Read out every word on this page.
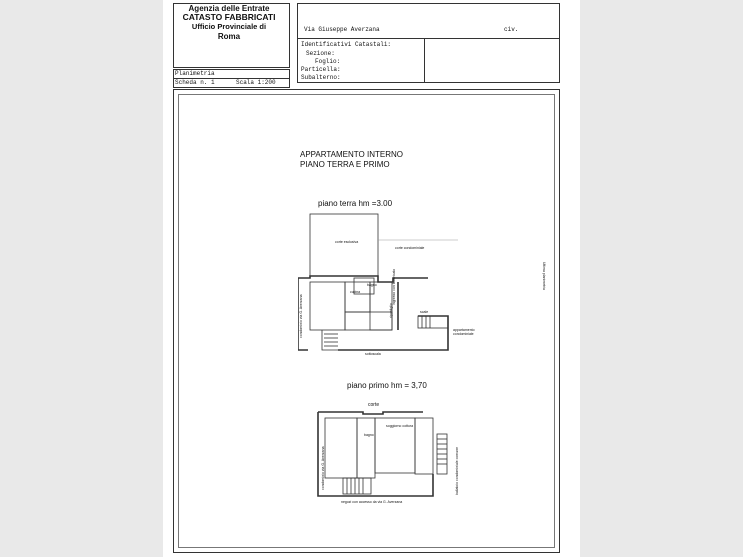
Agenzia delle Entrate
CATASTO FABBRICATI
Ufficio Provinciale di
Roma
Via Giuseppe Averzana	civ.
Identificativi Catastali:
Sezione:
Foglio:
Particella:
Subalterno:
Planimetria
Scheda n. 1	Scala 1:200
Ultima planimetria
APPARTAMENTO INTERNO
PIANO TERRA E PRIMO
piano terra hm =3.00
piano primo hm = 3,70
corte esclusiva
corte condominiale
bagno
cucina
ripostiglio	scale
appartamento condominiale
sottoscala
condominio via G. Averzana
ingresso con fabbricato
corte
bagno
soggiorno cottura
negozi con accesso da via G. Averzana
condominio via G. Averzana	ballatoio condominiale comune
